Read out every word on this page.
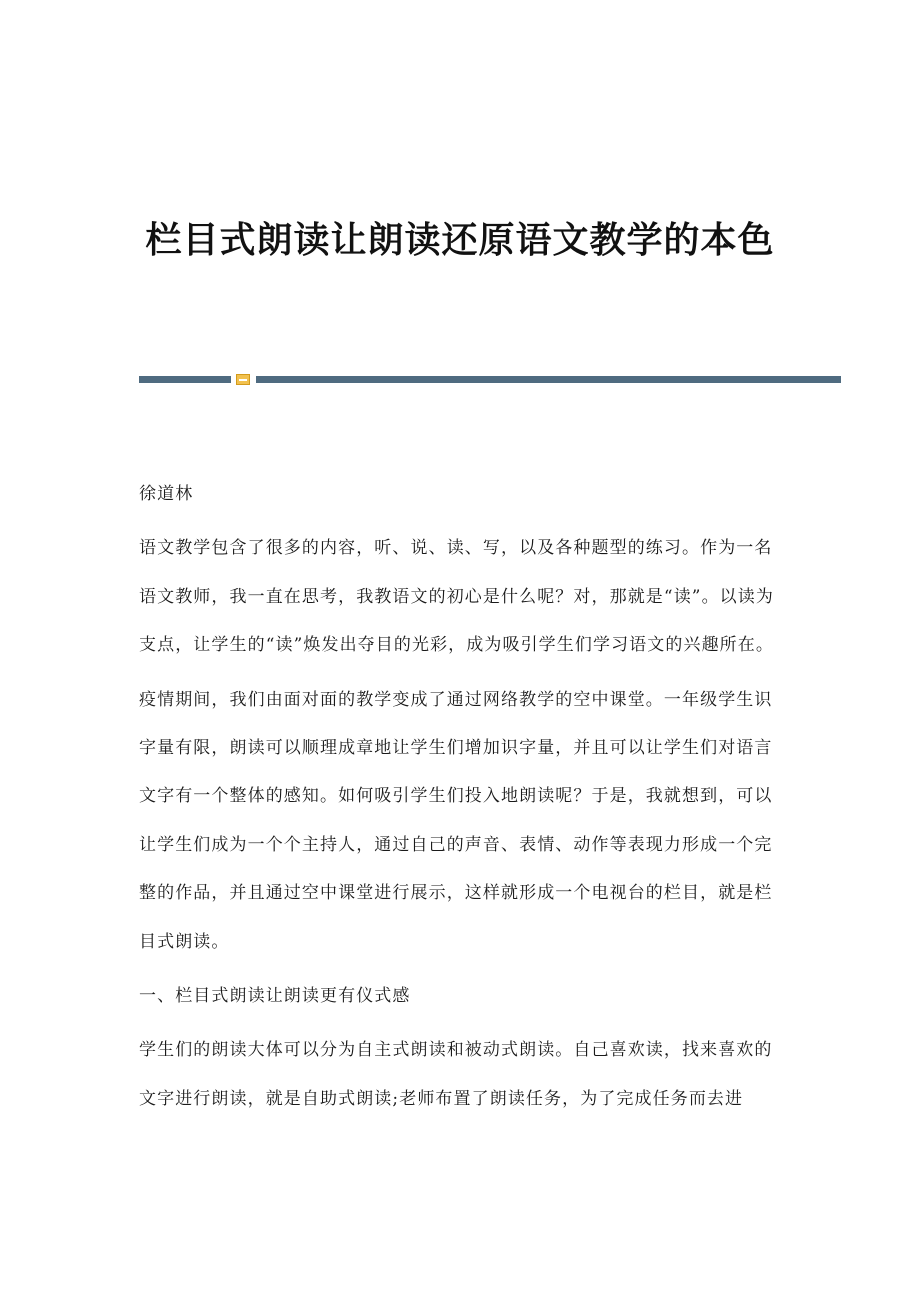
栏目式朗读让朗读还原语文教学的本色

徐道林

语文教学包含了很多的内容，听、说、读、写，以及各种题型的练习。作为一名语文教师，我一直在思考，我教语文的初心是什么呢？对，那就是“读”。以读为支点，让学生的“读”焕发出夺目的光彩，成为吸引学生们学习语文的兴趣所在。

疫情期间，我们由面对面的教学变成了通过网络教学的空中课堂。一年级学生识字量有限，朗读可以顺理成章地让学生们增加识字量，并且可以让学生们对语言文字有一个整体的感知。如何吸引学生们投入地朗读呢？于是，我就想到，可以让学生们成为一个个主持人，通过自己的声音、表情、动作等表现力形成一个完整的作品，并且通过空中课堂进行展示，这样就形成一个电视台的栏目，就是栏目式朗读。

一、栏目式朗读让朗读更有仪式感

学生们的朗读大体可以分为自主式朗读和被动式朗读。自己喜欢读，找来喜欢的文字进行朗读，就是自助式朗读;老师布置了朗读任务，为了完成任务而去进
